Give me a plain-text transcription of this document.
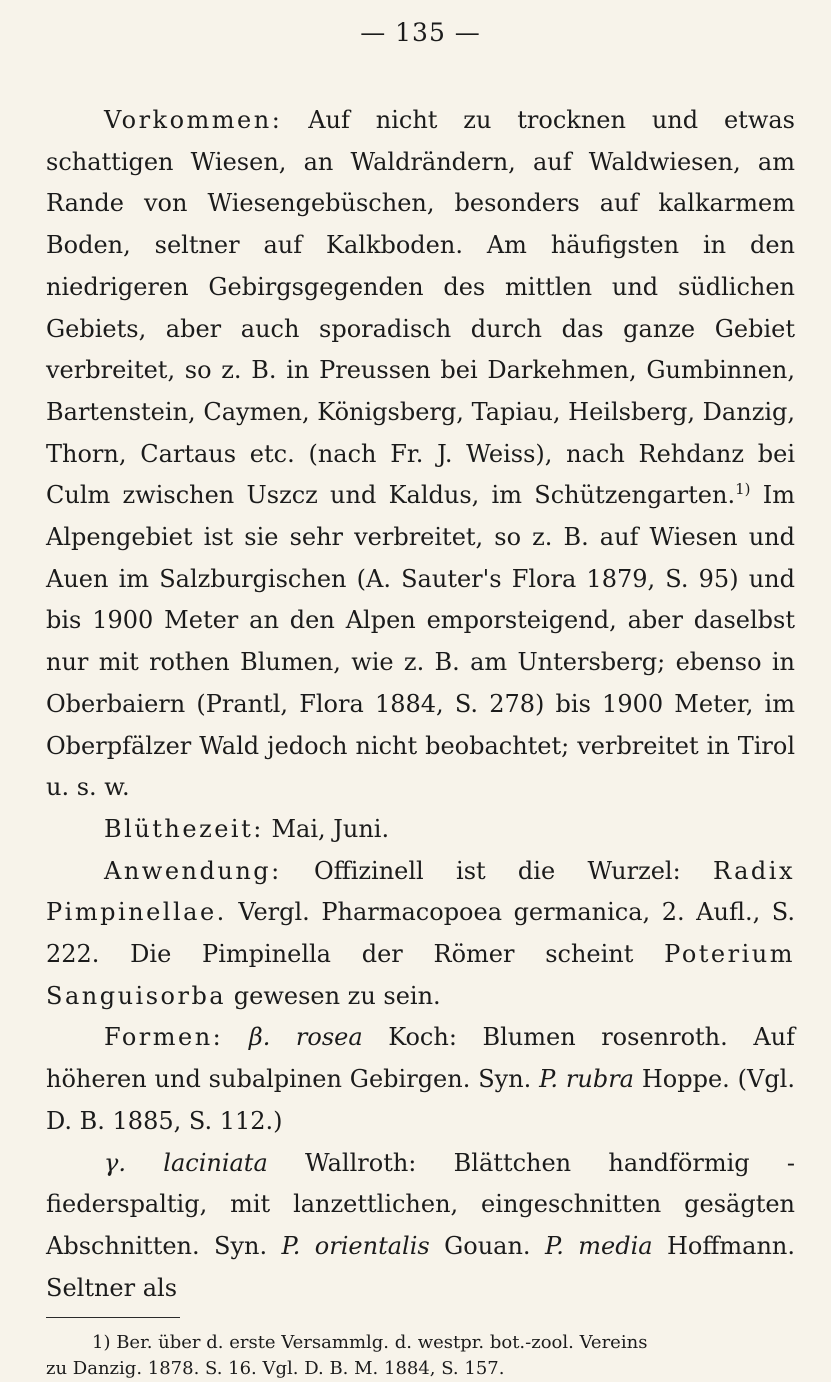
— 135 —

Vorkommen: Auf nicht zu trocknen und etwas schattigen Wiesen, an Waldrändern, auf Waldwiesen, am Rande von Wiesengebüschen, besonders auf kalkarmem Boden, seltner auf Kalkboden. Am häufigsten in den niedrigeren Gebirgsgegenden des mittlen und südlichen Gebiets, aber auch sporadisch durch das ganze Gebiet verbreitet, so z. B. in Preussen bei Darkehmen, Gumbinnen, Bartenstein, Caymen, Königsberg, Tapiau, Heilsberg, Danzig, Thorn, Cartaus etc. (nach Fr. J. Weiss), nach Rehdanz bei Culm zwischen Uszcz und Kaldus, im Schützengarten.$^{1)}$ Im Alpengebiet ist sie sehr verbreitet, so z. B. auf Wiesen und Auen im Salzburgischen (A. Sauter's Flora 1879, S. 95) und bis 1900 Meter an den Alpen emporsteigend, aber daselbst nur mit rothen Blumen, wie z. B. am Untersberg; ebenso in Oberbaiern (Prantl, Flora 1884, S. 278) bis 1900 Meter, im Oberpfälzer Wald jedoch nicht beobachtet; verbreitet in Tirol u. s. w.

Blüthezeit: Mai, Juni.

Anwendung: Offizinell ist die Wurzel: Radix Pimpinellae. Vergl. Pharmacopoea germanica, 2. Aufl., S. 222. Die Pimpinella der Römer scheint Poterium Sanguisorba gewesen zu sein.

Formen: β. rosea Koch: Blumen rosenroth. Auf höheren und subalpinen Gebirgen. Syn. P. rubra Hoppe. (Vgl. D. B. 1885, S. 112.)

γ. laciniata Wallroth: Blättchen handförmig - fiederspaltig, mit lanzettlichen, eingeschnitten gesägten Abschnitten. Syn. P. orientalis Gouan. P. media Hoffmann. Seltner als

1) Ber. über d. erste Versammlg. d. westpr. bot.-zool. Vereins
zu Danzig. 1878. S. 16. Vgl. D. B. M. 1884, S. 157.
